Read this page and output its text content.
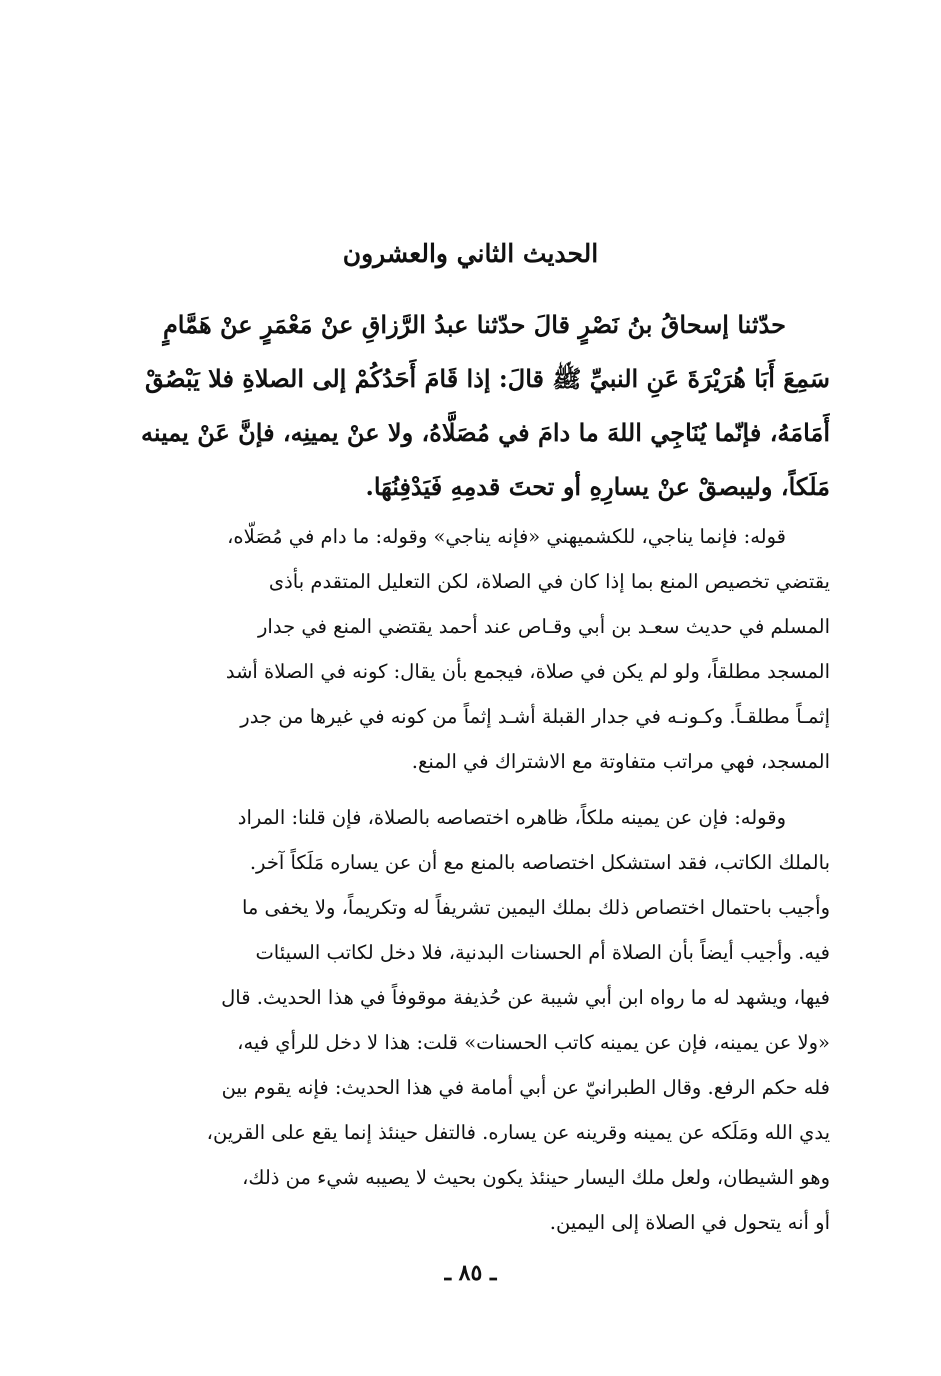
الحديث الثاني والعشرون
حدّثنا إسحاقُ بنُ نَصْرٍ قالَ حدّثنا عبدُ الرَّزاقِ عنْ مَعْمَرٍ عنْ هَمَّامٍ
سَمِعَ أَبَا هُرَيْرَةَ عَنِ النبيِّ ﷺ قالَ: إذا قَامَ أَحَدُكُمْ إلى الصلاةِ فلا يَبْصُقْ
أَمَامَهُ، فإنّما يُنَاجِي اللهَ ما دامَ في مُصَلَّاهُ، ولا عنْ يمينِه، فإنَّ عَنْ يمينه
مَلَكاً، وليبصقْ عنْ يسارِهِ أو تحتَ قدمِهِ فَيَدْفِنُهَا.
قوله: فإنما يناجي، للكشميهني «فإنه يناجي» وقوله: ما دام في مُصَلّاه،
يقتضي تخصيص المنع بما إذا كان في الصلاة، لكن التعليل المتقدم بأذى
المسلم في حديث سعـد بن أبي وقـاص عند أحمد يقتضي المنع في جدار
المسجد مطلقاً، ولو لم يكن في صلاة، فيجمع بأن يقال: كونه في الصلاة أشد
إثمـاً مطلقـاً. وكـونـه في جدار القبلة أشـد إثماً من كونه في غيرها من جدر
المسجد، فهي مراتب متفاوتة مع الاشتراك في المنع.
وقوله: فإن عن يمينه ملكاً، ظاهره اختصاصه بالصلاة، فإن قلنا: المراد
بالملك الكاتب، فقد استشكل اختصاصه بالمنع مع أن عن يساره مَلَكاً آخر.
وأجيب باحتمال اختصاص ذلك بملك اليمين تشريفاً له وتكريماً، ولا يخفى ما
فيه. وأجيب أيضاً بأن الصلاة أم الحسنات البدنية، فلا دخل لكاتب السيئات
فيها، ويشهد له ما رواه ابن أبي شيبة عن حُذيفة موقوفاً في هذا الحديث. قال
«ولا عن يمينه، فإن عن يمينه كاتب الحسنات» قلت: هذا لا دخل للرأي فيه،
فله حكم الرفع. وقال الطبرانيّ عن أبي أمامة في هذا الحديث: فإنه يقوم بين
يدي الله ومَلَكه عن يمينه وقرينه عن يساره. فالتفل حينئذ إنما يقع على القرين،
وهو الشيطان، ولعل ملك اليسار حينئذ يكون بحيث لا يصيبه شيء من ذلك،
أو أنه يتحول في الصلاة إلى اليمين.
ـ ٨٥ ـ
